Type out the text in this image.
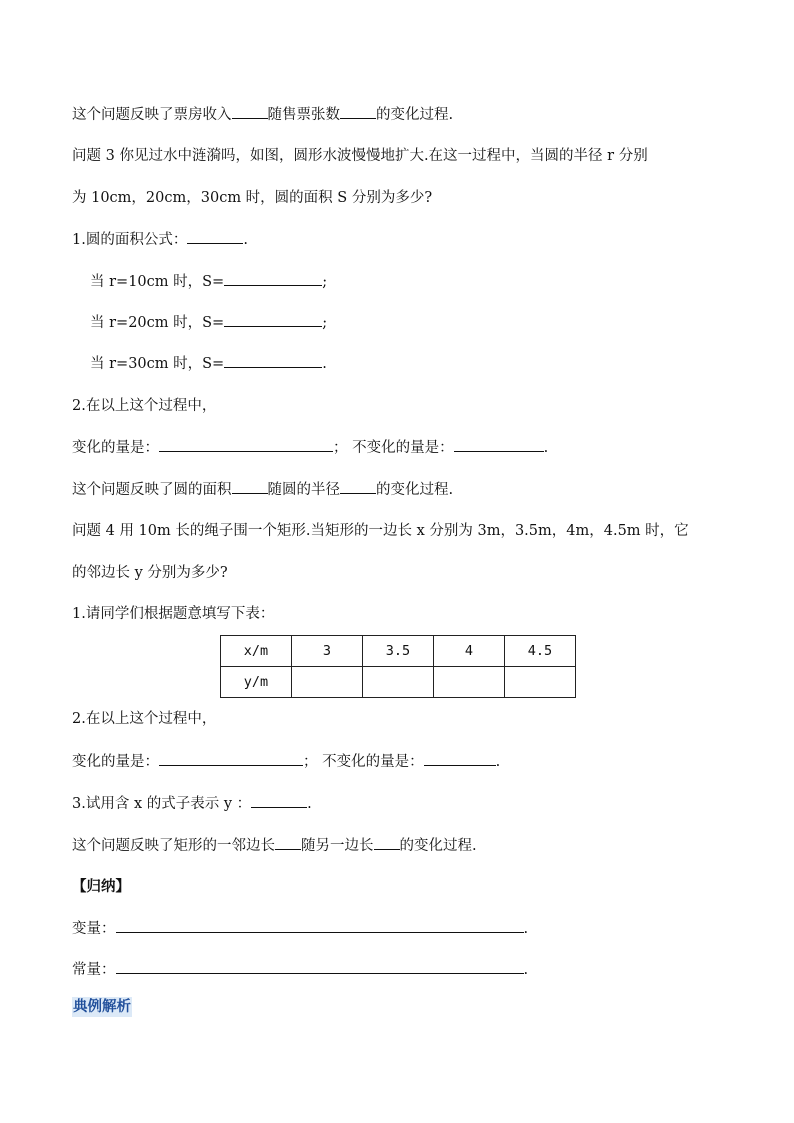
这个问题反映了票房收入 随售票张数 的变化过程.
问题 3 你见过水中涟漪吗，如图，圆形水波慢慢地扩大.在这一过程中，当圆的半径 r 分别
为 10cm，20cm，30cm 时，圆的面积 S 分别为多少?
1.圆的面积公式：	.
当 r=10cm 时，S=	;
当 r=20cm 时，S=	;
当 r=30cm 时，S=	.
2.在以上这个过程中，
变化的量是：	； 不变化的量是：	.
这个问题反映了圆的面积 随圆的半径 的变化过程.
问题 4 用 10m 长的绳子围一个矩形.当矩形的一边长 x 分别为 3m，3.5m，4m，4.5m 时，它
的邻边长 y 分别为多少?
1.请同学们根据题意填写下表：
x/m	3	3.5	4	4.5
y/m				
2.在以上这个过程中，
变化的量是：	； 不变化的量是：	.
3.试用含 x 的式子表示 y ：	.
这个问题反映了矩形的一邻边长 随另一边长 的变化过程.
【归纳】
变量：	.
常量：	.
典例解析
